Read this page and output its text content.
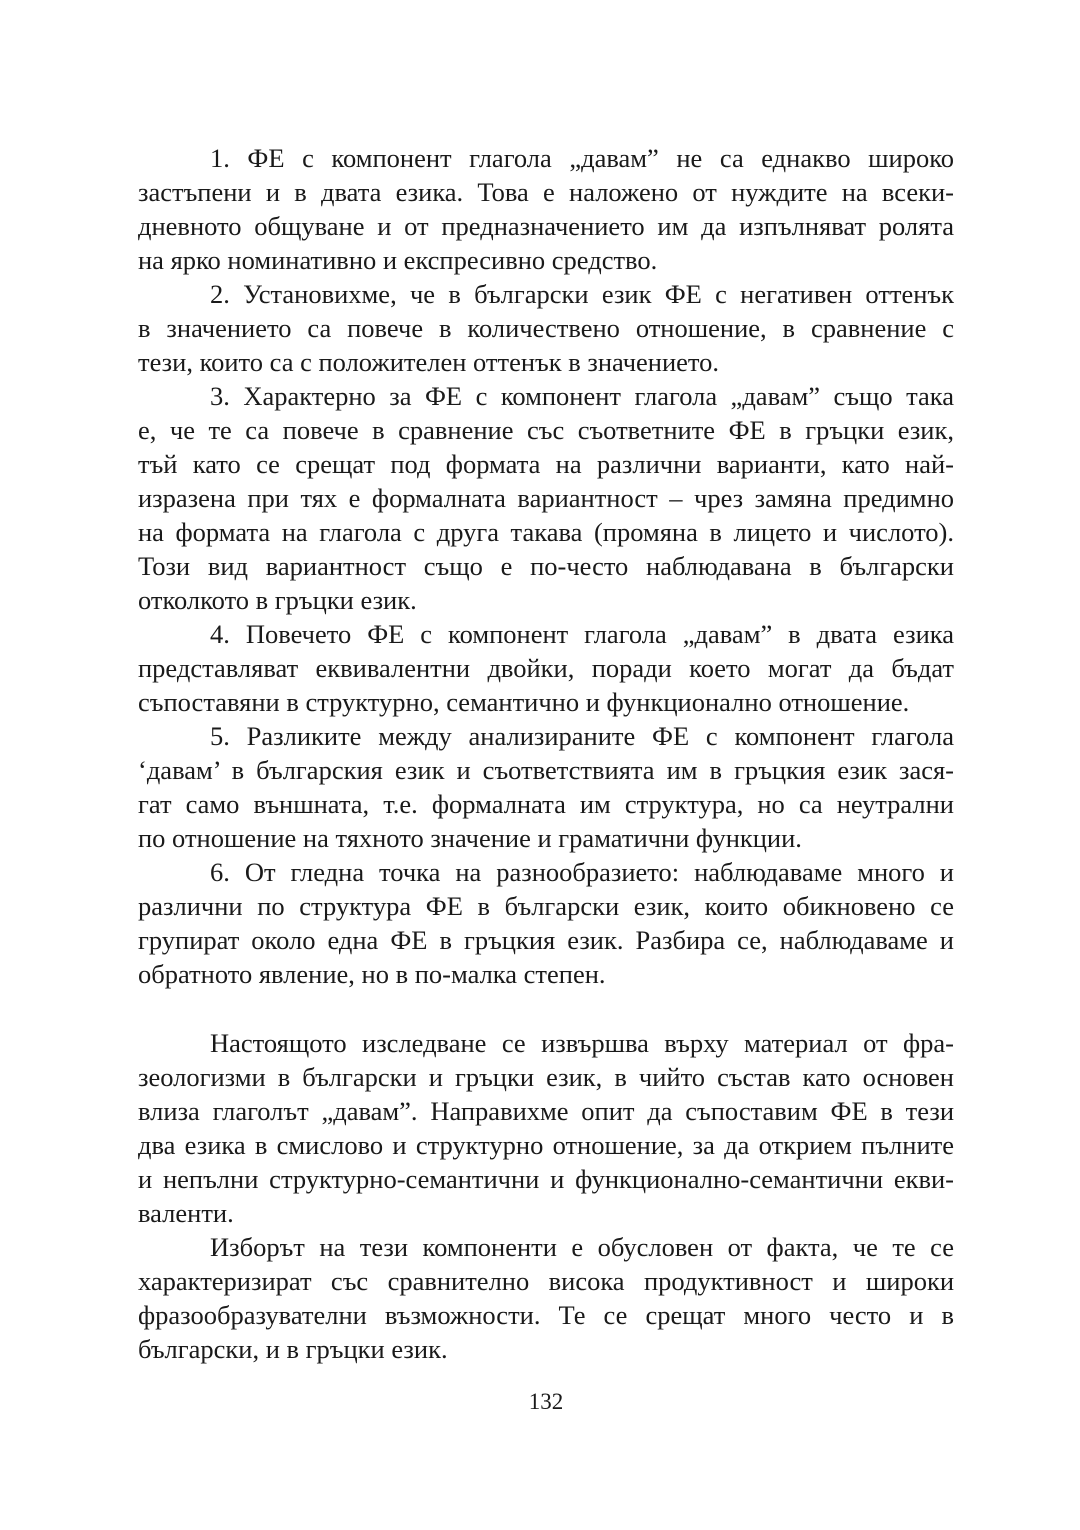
1. ФЕ с компонент глагола „давам” не са еднакво широко
застъпени и в двата езика. Това е наложено от нуждите на всеки-
дневното общуване и от предназначението им да изпълняват ролята
на ярко номинативно и експресивно средство.
2. Установихме, че в български език ФЕ с негативен оттенък
в значението са повече в количествено отношение, в сравнение с
тези, които са с положителен оттенък в значението.
3. Характерно за ФЕ с компонент глагола „давам” също така
е, че те са повече в сравнение със съответните ФЕ в гръцки език,
тъй като се срещат под формата на различни варианти, като най-
изразена при тях е формалната вариантност – чрез замяна предимно
на формата на глагола с друга такава (промяна в лицето и числото).
Този вид вариантност също е по-често наблюдавана в български
отколкото в гръцки език.
4. Повечето ФЕ с компонент глагола „давам” в двата езика
представляват еквивалентни двойки, поради което могат да бъдат
съпоставяни в структурно, семантично и функционално отношение.
5. Разликите между анализираните ФЕ с компонент глагола
‘давам’ в българския език и съответствията им в гръцкия език зася-
гат само външната, т.е. формалната им структура, но са неутрални
по отношение на тяхното значение и граматични функции.
6. От гледна точка на разнообразието: наблюдаваме много и
различни по структура ФЕ в български език, които обикновено се
групират около една ФЕ в гръцкия език. Разбира се, наблюдаваме и
обратното явление, но в по-малка степен.
Настоящото изследване се извършва върху материал от фра-
зеологизми в български и гръцки език, в чийто състав като основен
влиза глаголът „давам”. Направихме опит да съпоставим ФЕ в тези
два езика в смислово и структурно отношение, за да открием пълните
и непълни структурно-семантични и функционално-семантични екви-
валенти.
Изборът на тези компоненти е обусловен от факта, че те се
характеризират със сравнително висока продуктивност и широки
фразообразувателни възможности. Те се срещат много често и в
български, и в гръцки език.
132
